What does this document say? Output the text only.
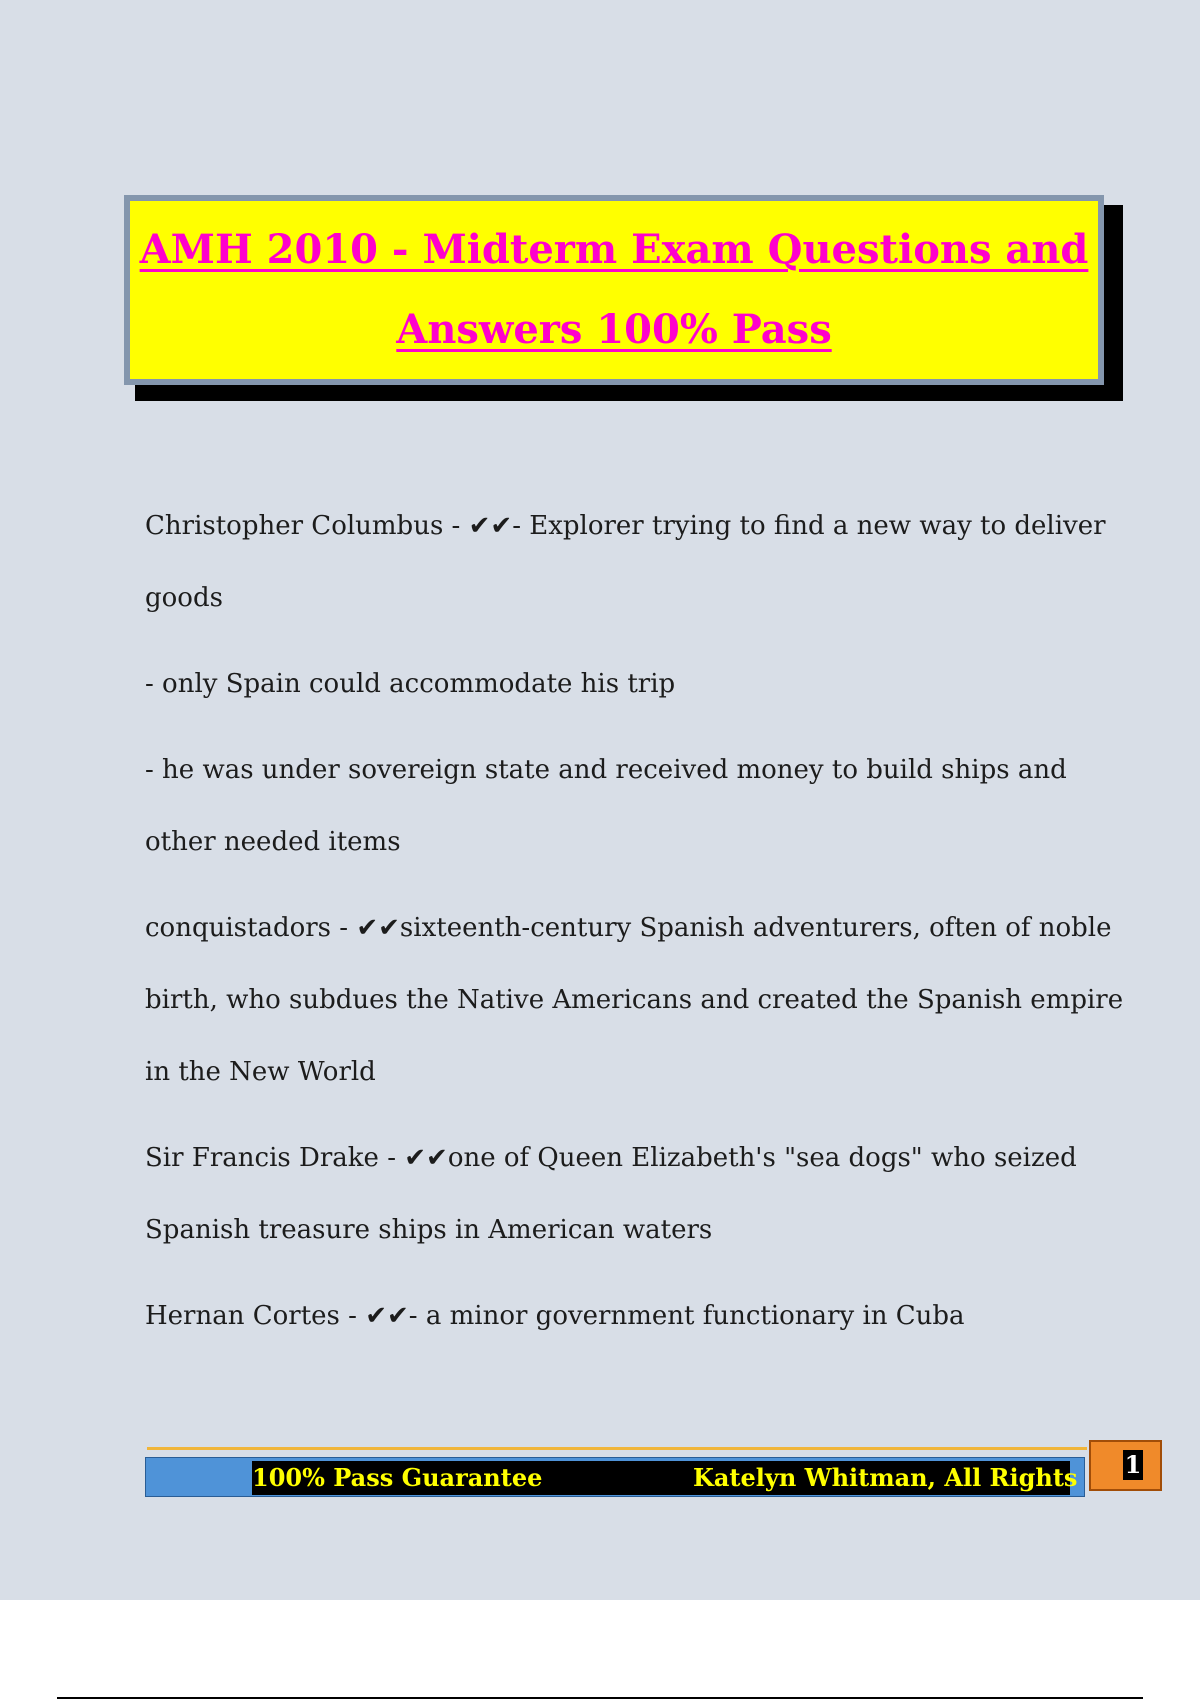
AMH 2010 - Midterm Exam Questions and
Answers 100% Pass
Christopher Columbus - ✔✔- Explorer trying to find a new way to deliver
goods
- only Spain could accommodate his trip
- he was under sovereign state and received money to build ships and
other needed items
conquistadors - ✔✔sixteenth-century Spanish adventurers, often of noble
birth, who subdues the Native Americans and created the Spanish empire
in the New World
Sir Francis Drake - ✔✔one of Queen Elizabeth's "sea dogs" who seized
Spanish treasure ships in American waters
Hernan Cortes - ✔✔- a minor government functionary in Cuba
100% Pass Guarantee	Katelyn Whitman, All Rights 1
